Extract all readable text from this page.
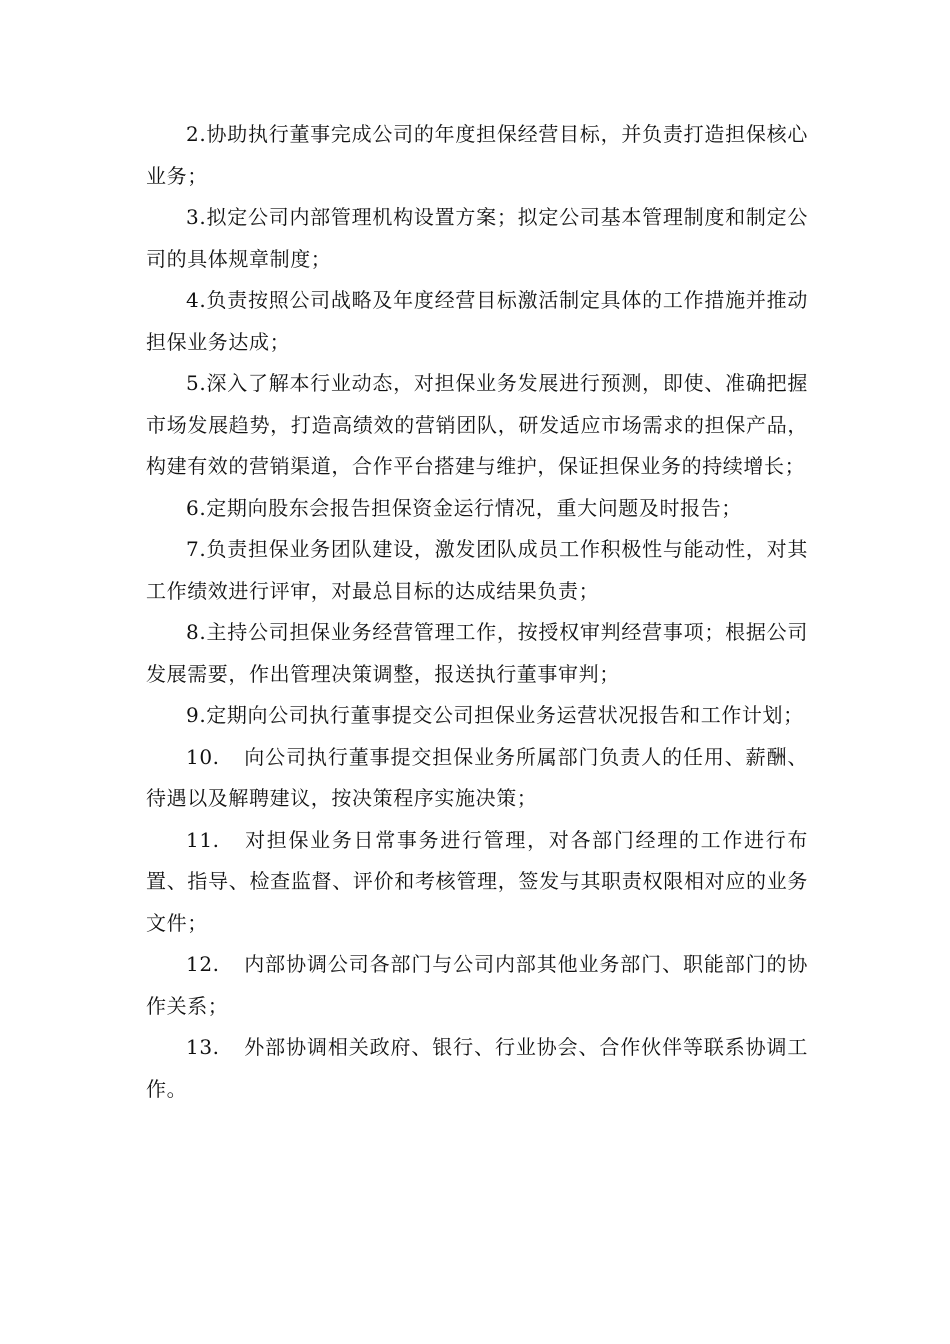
2.协助执行董事完成公司的年度担保经营目标，并负责打造担保核心业务；

3.拟定公司内部管理机构设置方案；拟定公司基本管理制度和制定公司的具体规章制度；

4.负责按照公司战略及年度经营目标激活制定具体的工作措施并推动担保业务达成；

5.深入了解本行业动态，对担保业务发展进行预测，即使、准确把握市场发展趋势，打造高绩效的营销团队，研发适应市场需求的担保产品，构建有效的营销渠道，合作平台搭建与维护，保证担保业务的持续增长；

6.定期向股东会报告担保资金运行情况，重大问题及时报告；

7.负责担保业务团队建设，激发团队成员工作积极性与能动性，对其工作绩效进行评审，对最总目标的达成结果负责；

8.主持公司担保业务经营管理工作，按授权审判经营事项；根据公司发展需要，作出管理决策调整，报送执行董事审判；

9.定期向公司执行董事提交公司担保业务运营状况报告和工作计划；

10. 向公司执行董事提交担保业务所属部门负责人的任用、薪酬、待遇以及解聘建议，按决策程序实施决策；

11. 对担保业务日常事务进行管理，对各部门经理的工作进行布置、指导、检查监督、评价和考核管理，签发与其职责权限相对应的业务文件；

12. 内部协调公司各部门与公司内部其他业务部门、职能部门的协作关系；

13. 外部协调相关政府、银行、行业协会、合作伙伴等联系协调工作。
